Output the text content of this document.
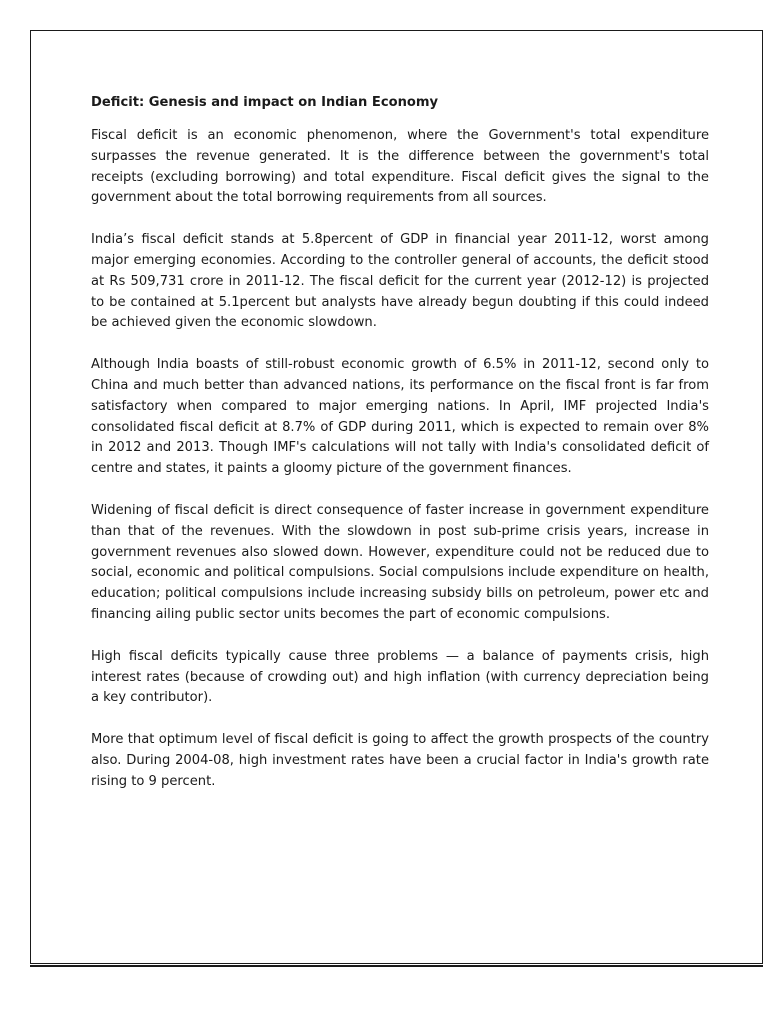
Deficit: Genesis and impact on Indian Economy

Fiscal deficit is an economic phenomenon, where the Government's total expenditure surpasses the revenue generated. It is the difference between the government's total receipts (excluding borrowing) and total expenditure. Fiscal deficit gives the signal to the government about the total borrowing requirements from all sources.

India’s fiscal deficit stands at 5.8percent of GDP in financial year 2011-12, worst among major emerging economies. According to the controller general of accounts, the deficit stood at Rs 509,731 crore in 2011-12. The fiscal deficit for the current year (2012-12) is projected to be contained at 5.1percent but analysts have already begun doubting if this could indeed be achieved given the economic slowdown.

Although India boasts of still-robust economic growth of 6.5% in 2011-12, second only to China and much better than advanced nations, its performance on the fiscal front is far from satisfactory when compared to major emerging nations. In April, IMF projected India's consolidated fiscal deficit at 8.7% of GDP during 2011, which is expected to remain over 8% in 2012 and 2013. Though IMF's calculations will not tally with India's consolidated deficit of centre and states, it paints a gloomy picture of the government finances.

Widening of fiscal deficit is direct consequence of faster increase in government expenditure than that of the revenues. With the slowdown in post sub-prime crisis years, increase in government revenues also slowed down. However, expenditure could not be reduced due to social, economic and political compulsions. Social compulsions include expenditure on health, education; political compulsions include increasing subsidy bills on petroleum, power etc and financing ailing public sector units becomes the part of economic compulsions.

High fiscal deficits typically cause three problems — a balance of payments crisis, high interest rates (because of crowding out) and high inflation (with currency depreciation being a key contributor).

More that optimum level of fiscal deficit is going to affect the growth prospects of the country also. During 2004-08, high investment rates have been a crucial factor in India's growth rate rising to 9 percent.
